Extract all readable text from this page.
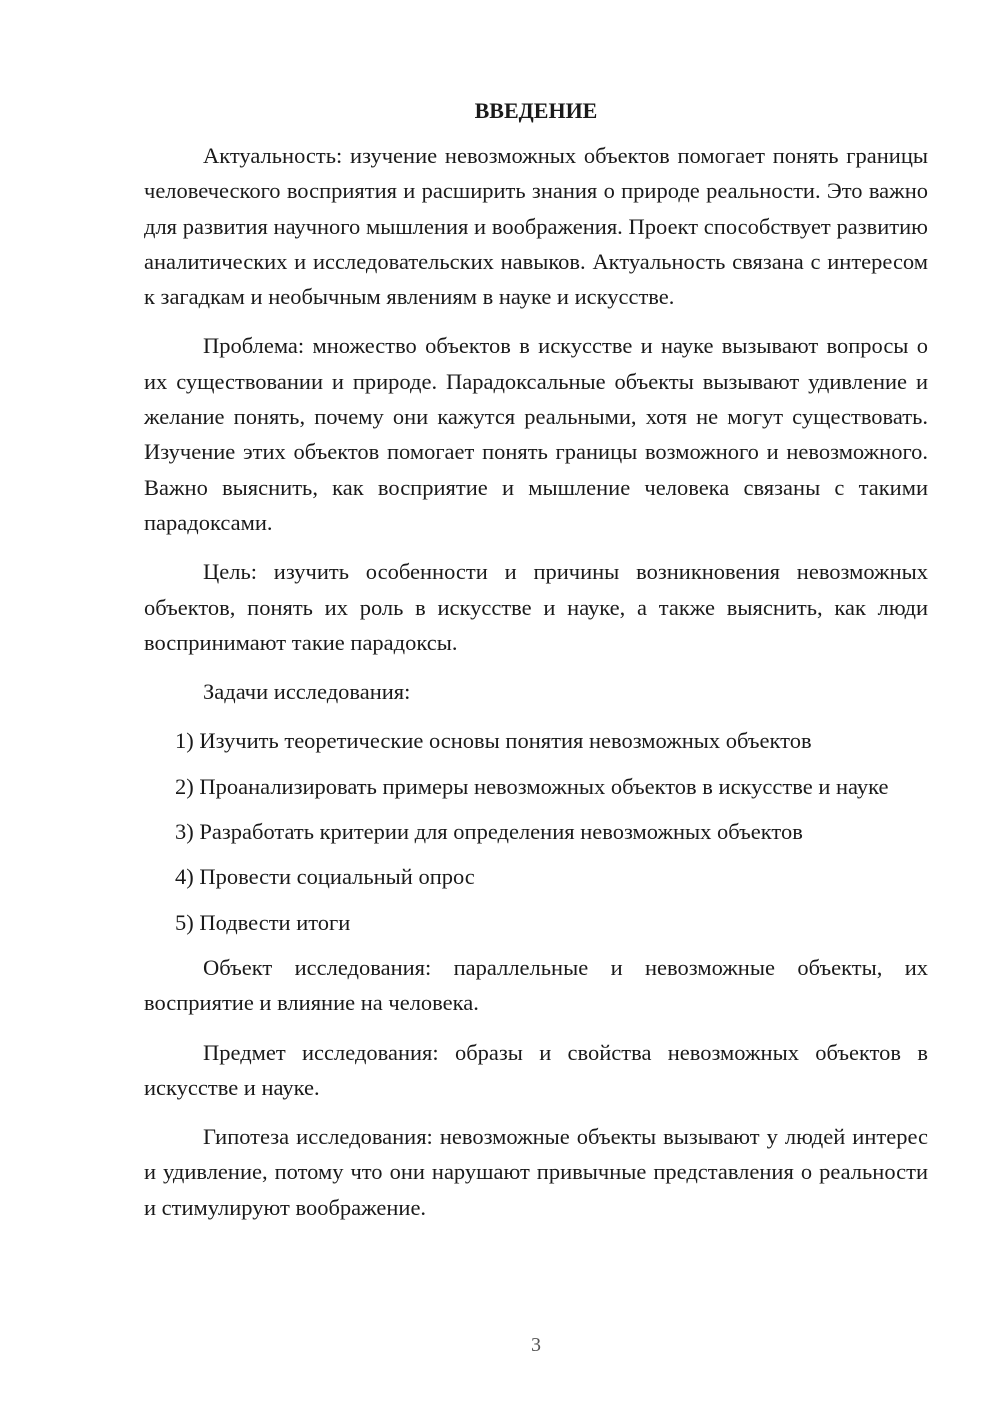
ВВЕДЕНИЕ

Актуальность: изучение невозможных объектов помогает понять границы человеческого восприятия и расширить знания о природе реальности. Это важно для развития научного мышления и воображения. Проект способствует развитию аналитических и исследовательских навыков. Актуальность связана с интересом к загадкам и необычным явлениям в науке и искусстве.

Проблема: множество объектов в искусстве и науке вызывают вопросы о их существовании и природе. Парадоксальные объекты вызывают удивление и желание понять, почему они кажутся реальными, хотя не могут существовать. Изучение этих объектов помогает понять границы возможного и невозможного. Важно выяснить, как восприятие и мышление человека связаны с такими парадоксами.

Цель: изучить особенности и причины возникновения невозможных объектов, понять их роль в искусстве и науке, а также выяснить, как люди воспринимают такие парадоксы.

Задачи исследования:

1) Изучить теоретические основы понятия невозможных объектов

2) Проанализировать примеры невозможных объектов в искусстве и науке

3) Разработать критерии для определения невозможных объектов

4) Провести социальный опрос

5) Подвести итоги

Объект исследования: параллельные и невозможные объекты, их восприятие и влияние на человека.

Предмет исследования: образы и свойства невозможных объектов в искусстве и науке.

Гипотеза исследования: невозможные объекты вызывают у людей интерес и удивление, потому что они нарушают привычные представления о реальности и стимулируют воображение.

3
